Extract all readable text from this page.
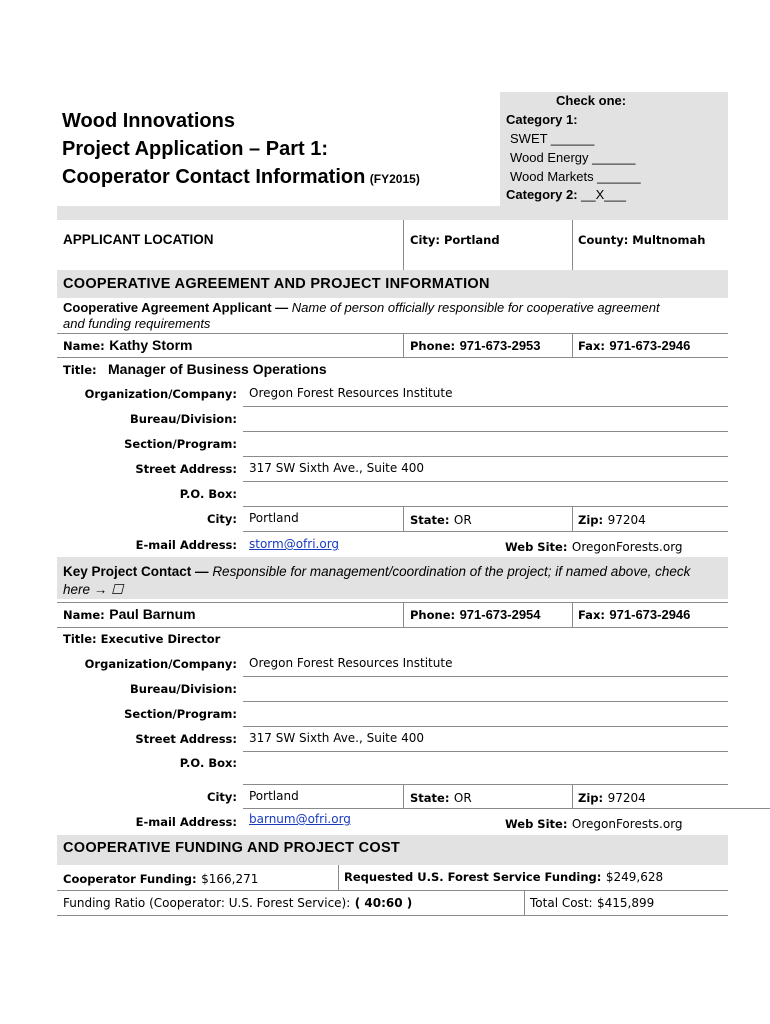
Wood Innovations
Project Application – Part 1:
Cooperator Contact Information (FY2015)
Check one:
Category 1:
SWET ______
Wood Energy ______
Wood Markets ______
Category 2: __X___
APPLICANT LOCATION	City: Portland	County: Multnomah
COOPERATIVE AGREEMENT AND PROJECT INFORMATION
Cooperative Agreement Applicant — Name of person officially responsible for cooperative agreement
and funding requirements
Name: Kathy Storm	Phone: 971-673-2953	Fax: 971-673-2946
Title: Manager of Business Operations
Organization/Company: Oregon Forest Resources Institute
Bureau/Division:
Section/Program:
Street Address: 317 SW Sixth Ave., Suite 400
P.O. Box:
City: Portland	State: OR	Zip: 97204
E-mail Address: storm@ofri.org	Web Site: OregonForests.org
Key Project Contact — Responsible for management/coordination of the project; if named above, check
here → ☐
Name: Paul Barnum	Phone: 971-673-2954	Fax: 971-673-2946
Title: Executive Director
Organization/Company: Oregon Forest Resources Institute
Bureau/Division:
Section/Program:
Street Address: 317 SW Sixth Ave., Suite 400
P.O. Box:
City: Portland	State: OR	Zip: 97204
E-mail Address: barnum@ofri.org	Web Site: OregonForests.org
COOPERATIVE FUNDING AND PROJECT COST
Cooperator Funding: $166,271	Requested U.S. Forest Service Funding: $249,628
Funding Ratio (Cooperator: U.S. Forest Service): ( 40:60 )	Total Cost: $415,899
